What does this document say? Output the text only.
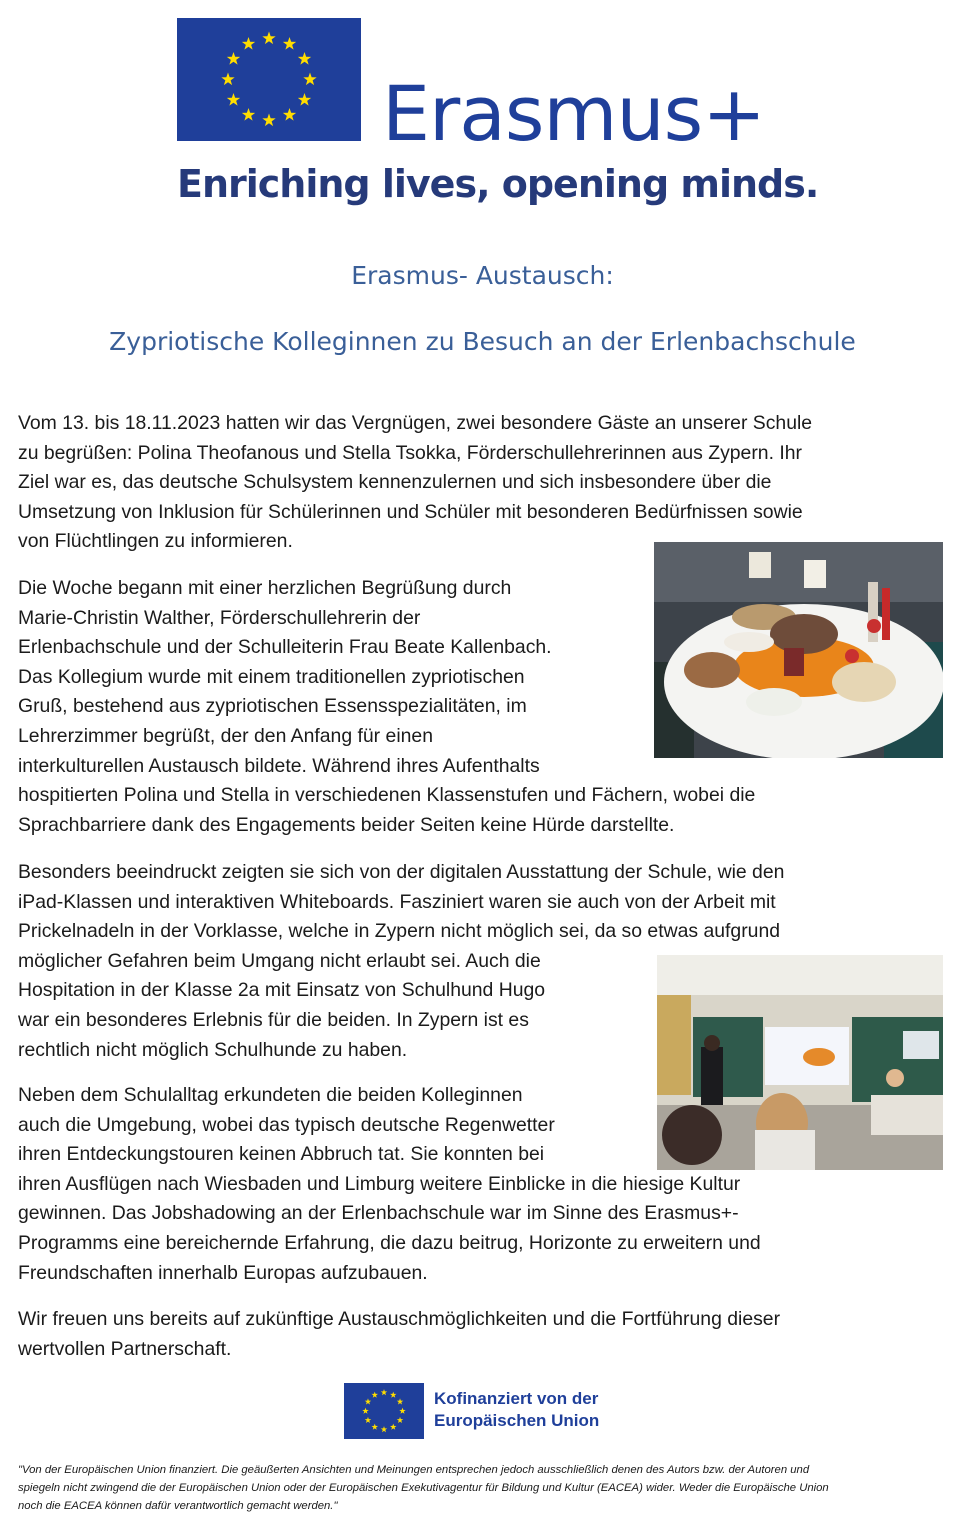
Erasmus+
Enriching lives, opening minds.
Erasmus- Austausch:
Zypriotische Kolleginnen zu Besuch an der Erlenbachschule

Vom 13. bis 18.11.2023 hatten wir das Vergnügen, zwei besondere Gäste an unserer Schule
zu begrüßen: Polina Theofanous und Stella Tsokka, Förderschullehrerinnen aus Zypern. Ihr
Ziel war es, das deutsche Schulsystem kennenzulernen und sich insbesondere über die
Umsetzung von Inklusion für Schülerinnen und Schüler mit besonderen Bedürfnissen sowie
von Flüchtlingen zu informieren.

Die Woche begann mit einer herzlichen Begrüßung durch
Marie-Christin Walther, Förderschullehrerin der
Erlenbachschule und der Schulleiterin Frau Beate Kallenbach.
Das Kollegium wurde mit einem traditionellen zypriotischen
Gruß, bestehend aus zypriotischen Essensspezialitäten, im
Lehrerzimmer begrüßt, der den Anfang für einen
interkulturellen Austausch bildete. Während ihres Aufenthalts
hospitierten Polina und Stella in verschiedenen Klassenstufen und Fächern, wobei die
Sprachbarriere dank des Engagements beider Seiten keine Hürde darstellte.

Besonders beeindruckt zeigten sie sich von der digitalen Ausstattung der Schule, wie den
iPad-Klassen und interaktiven Whiteboards. Fasziniert waren sie auch von der Arbeit mit
Prickelnadeln in der Vorklasse, welche in Zypern nicht möglich sei, da so etwas aufgrund
möglicher Gefahren beim Umgang nicht erlaubt sei. Auch die
Hospitation in der Klasse 2a mit Einsatz von Schulhund Hugo
war ein besonderes Erlebnis für die beiden. In Zypern ist es
rechtlich nicht möglich Schulhunde zu haben.

Neben dem Schulalltag erkundeten die beiden Kolleginnen
auch die Umgebung, wobei das typisch deutsche Regenwetter
ihren Entdeckungstouren keinen Abbruch tat. Sie konnten bei
ihren Ausflügen nach Wiesbaden und Limburg weitere Einblicke in die hiesige Kultur
gewinnen. Das Jobshadowing an der Erlenbachschule war im Sinne des Erasmus+-
Programms eine bereichernde Erfahrung, die dazu beitrug, Horizonte zu erweitern und
Freundschaften innerhalb Europas aufzubauen.

Wir freuen uns bereits auf zukünftige Austauschmöglichkeiten und die Fortführung dieser
wertvollen Partnerschaft.

Kofinanziert von der
Europäischen Union

"Von der Europäischen Union finanziert. Die geäußerten Ansichten und Meinungen entsprechen jedoch ausschließlich denen des Autors bzw. der Autoren und
spiegeln nicht zwingend die der Europäischen Union oder der Europäischen Exekutivagentur für Bildung und Kultur (EACEA) wider. Weder die Europäische Union
noch die EACEA können dafür verantwortlich gemacht werden."
